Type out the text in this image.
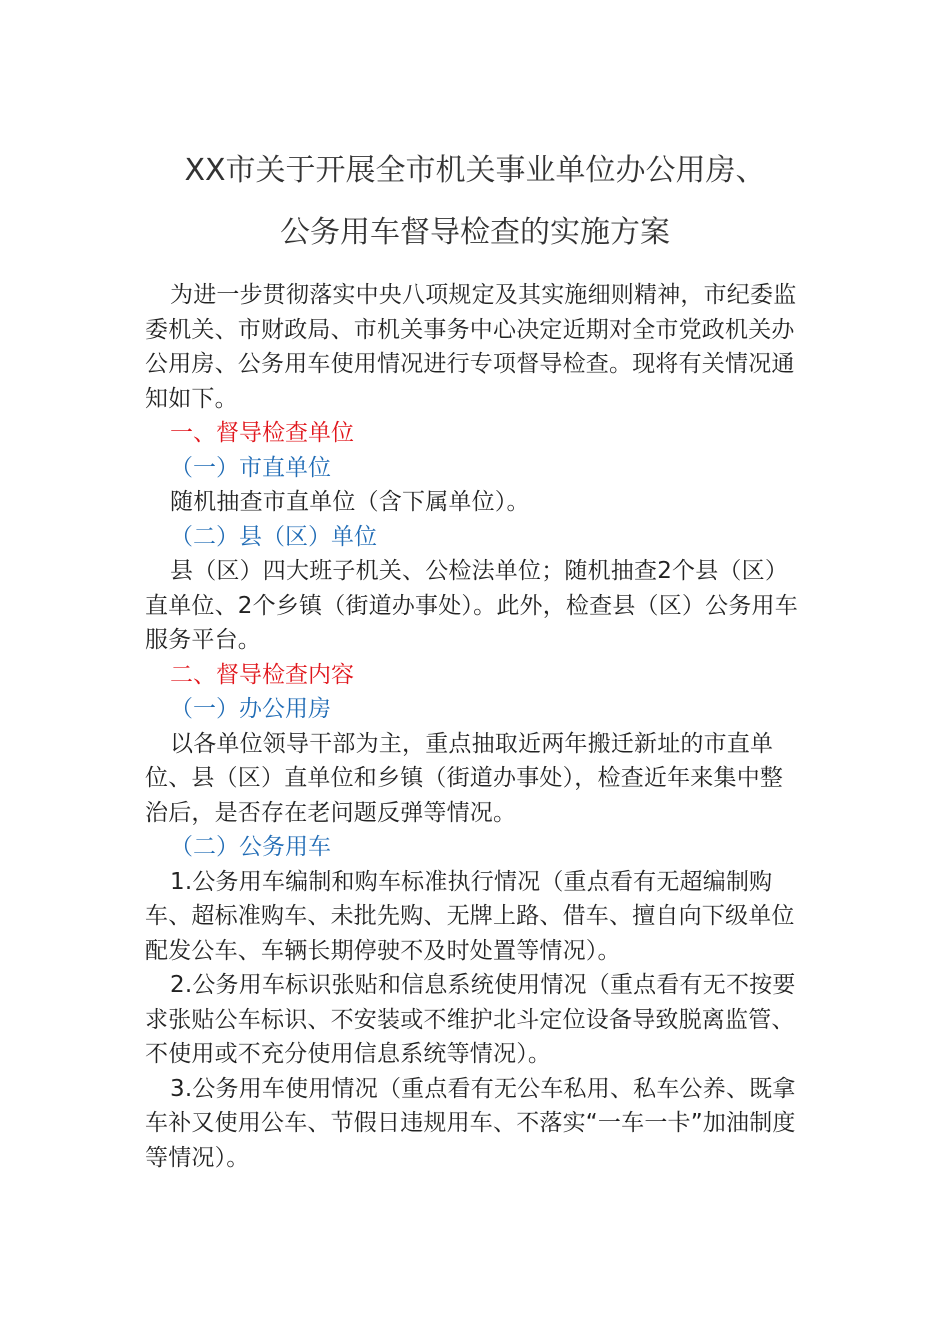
XX市关于开展全市机关事业单位办公用房、
公务用车督导检查的实施方案

为进一步贯彻落实中央八项规定及其实施细则精神，市纪委监委机关、市财政局、市机关事务中心决定近期对全市党政机关办公用房、公务用车使用情况进行专项督导检查。现将有关情况通知如下。

一、督导检查单位

（一）市直单位

随机抽查市直单位（含下属单位）。

（二）县（区）单位

县（区）四大班子机关、公检法单位；随机抽查2个县（区）直单位、2个乡镇（街道办事处）。此外，检查县（区）公务用车服务平台。

二、督导检查内容

（一）办公用房

以各单位领导干部为主，重点抽取近两年搬迁新址的市直单位、县（区）直单位和乡镇（街道办事处），检查近年来集中整治后，是否存在老问题反弹等情况。

（二）公务用车

1.公务用车编制和购车标准执行情况（重点看有无超编制购车、超标准购车、未批先购、无牌上路、借车、擅自向下级单位配发公车、车辆长期停驶不及时处置等情况）。

2.公务用车标识张贴和信息系统使用情况（重点看有无不按要求张贴公车标识、不安装或不维护北斗定位设备导致脱离监管、不使用或不充分使用信息系统等情况）。

3.公务用车使用情况（重点看有无公车私用、私车公养、既拿车补又使用公车、节假日违规用车、不落实“一车一卡”加油制度等情况）。
